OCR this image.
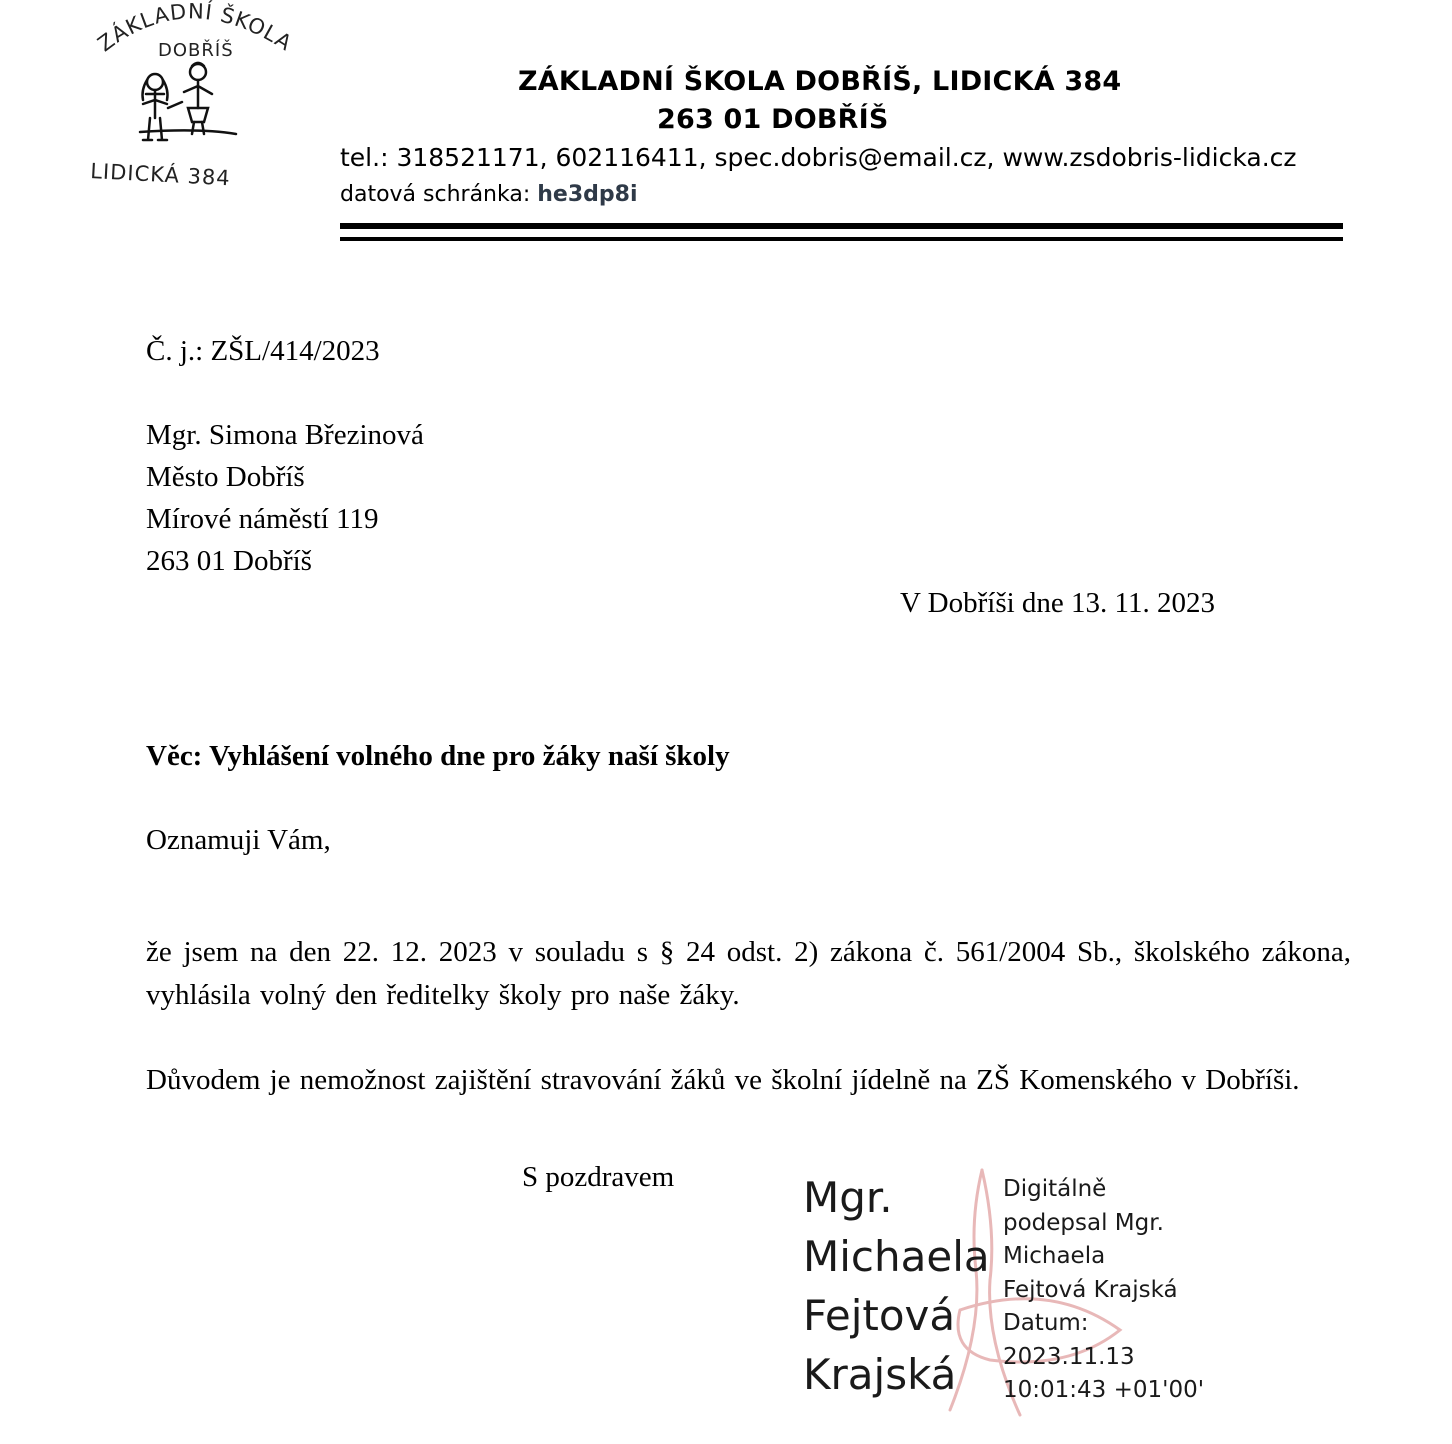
ZÁKLADNÍ ŠKOLA
DOBŘÍŠ
LIDICKÁ 384
ZÁKLADNÍ ŠKOLA DOBŘÍŠ, LIDICKÁ 384
263 01 DOBŘÍŠ
tel.: 318521171, 602116411, spec.dobris@email.cz, www.zsdobris-lidicka.cz
datová schránka: he3dp8i
Č. j.: ZŠL/414/2023
Mgr. Simona Březinová
Město Dobříš
Mírové náměstí 119
263 01 Dobříš
V Dobříši dne 13. 11. 2023
Věc: Vyhlášení volného dne pro žáky naší školy
Oznamuji Vám,

že jsem na den 22. 12. 2023 v souladu s § 24 odst. 2) zákona č. 561/2004 Sb., školského zákona, vyhlásila volný den ředitelky školy pro naše žáky.

Důvodem je nemožnost zajištění stravování žáků ve školní jídelně na ZŠ Komenského v Dobříši.

S pozdravem	Mgr.
Michaela
Fejtová
Krajská
Digitálně
podepsal Mgr.
Michaela
Fejtová Krajská
Datum:
2023.11.13
10:01:43 +01'00'
